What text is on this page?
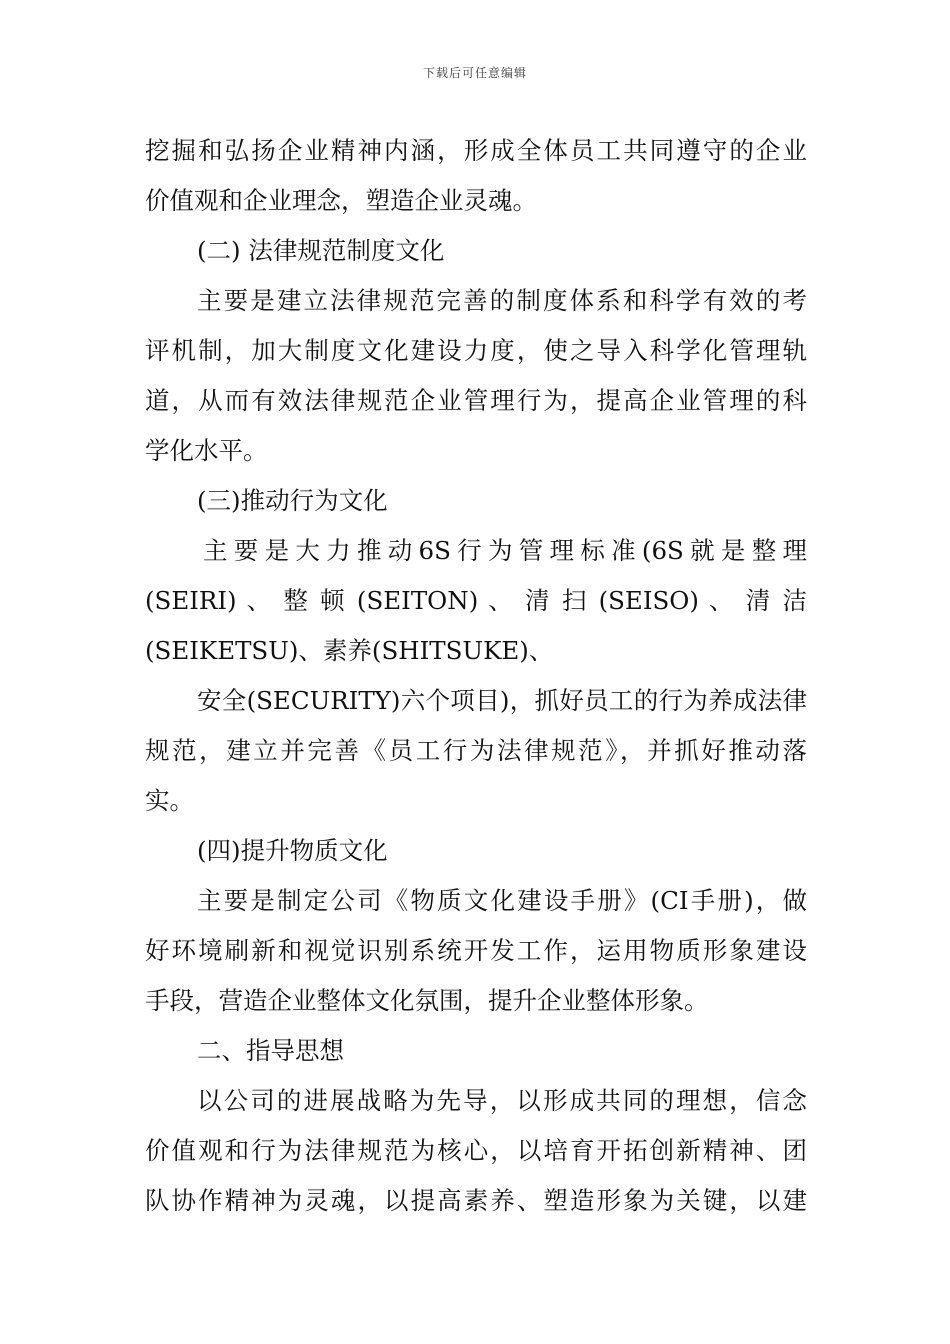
下载后可任意编辑
挖掘和弘扬企业精神内涵，形成全体员工共同遵守的企业
价值观和企业理念，塑造企业灵魂。
(二) 法律规范制度文化
主要是建立法律规范完善的制度体系和科学有效的考
评机制，加大制度文化建设力度，使之导入科学化管理轨
道，从而有效法律规范企业管理行为，提高企业管理的科
学化水平。
(三)推动行为文化
主要是大力推动6S行为管理标准(6S就是整理
(SEIRI) 、 整 顿 (SEITON) 、 清 扫 (SEISO) 、 清 洁
(SEIKETSU)、素养(SHITSUKE)、
安全(SECURITY)六个项目)，抓好员工的行为养成法律
规范，建立并完善《员工行为法律规范》，并抓好推动落
实。
(四)提升物质文化
主要是制定公司《物质文化建设手册》(CI手册)，做
好环境刷新和视觉识别系统开发工作，运用物质形象建设
手段，营造企业整体文化氛围，提升企业整体形象。
二、指导思想
以公司的进展战略为先导，以形成共同的理想，信念
价值观和行为法律规范为核心，以培育开拓创新精神、团
队协作精神为灵魂，以提高素养、塑造形象为关键，以建
